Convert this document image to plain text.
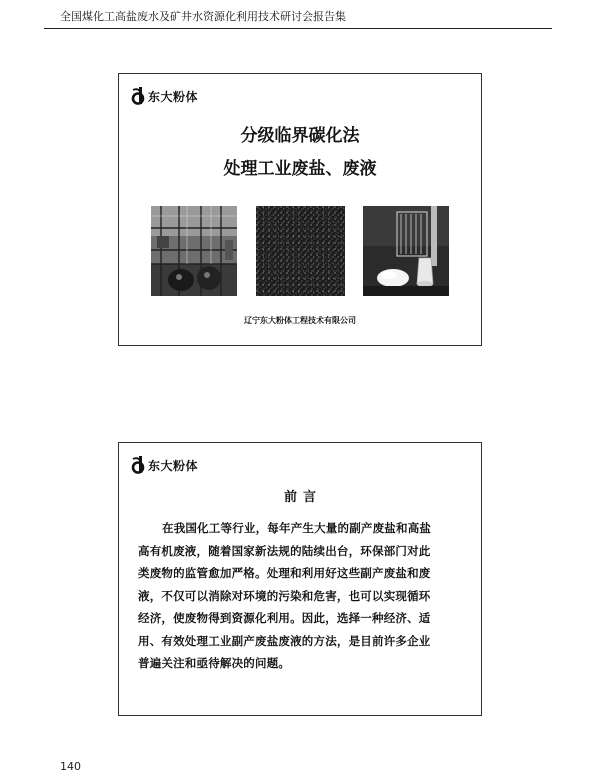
全国煤化工高盐废水及矿井水资源化利用技术研讨会报告集
东大粉体
分级临界碳化法
处理工业废盐、废液
辽宁东大粉体工程技术有限公司
东大粉体
前言
在我国化工等行业，每年产生大量的副产废盐和高盐
高有机废液，随着国家新法规的陆续出台，环保部门对此
类废物的监管愈加严格。处理和利用好这些副产废盐和废
液，不仅可以消除对环境的污染和危害，也可以实现循环
经济，使废物得到资源化利用。因此，选择一种经济、适
用、有效处理工业副产废盐废液的方法，是目前许多企业
普遍关注和亟待解决的问题。
140
